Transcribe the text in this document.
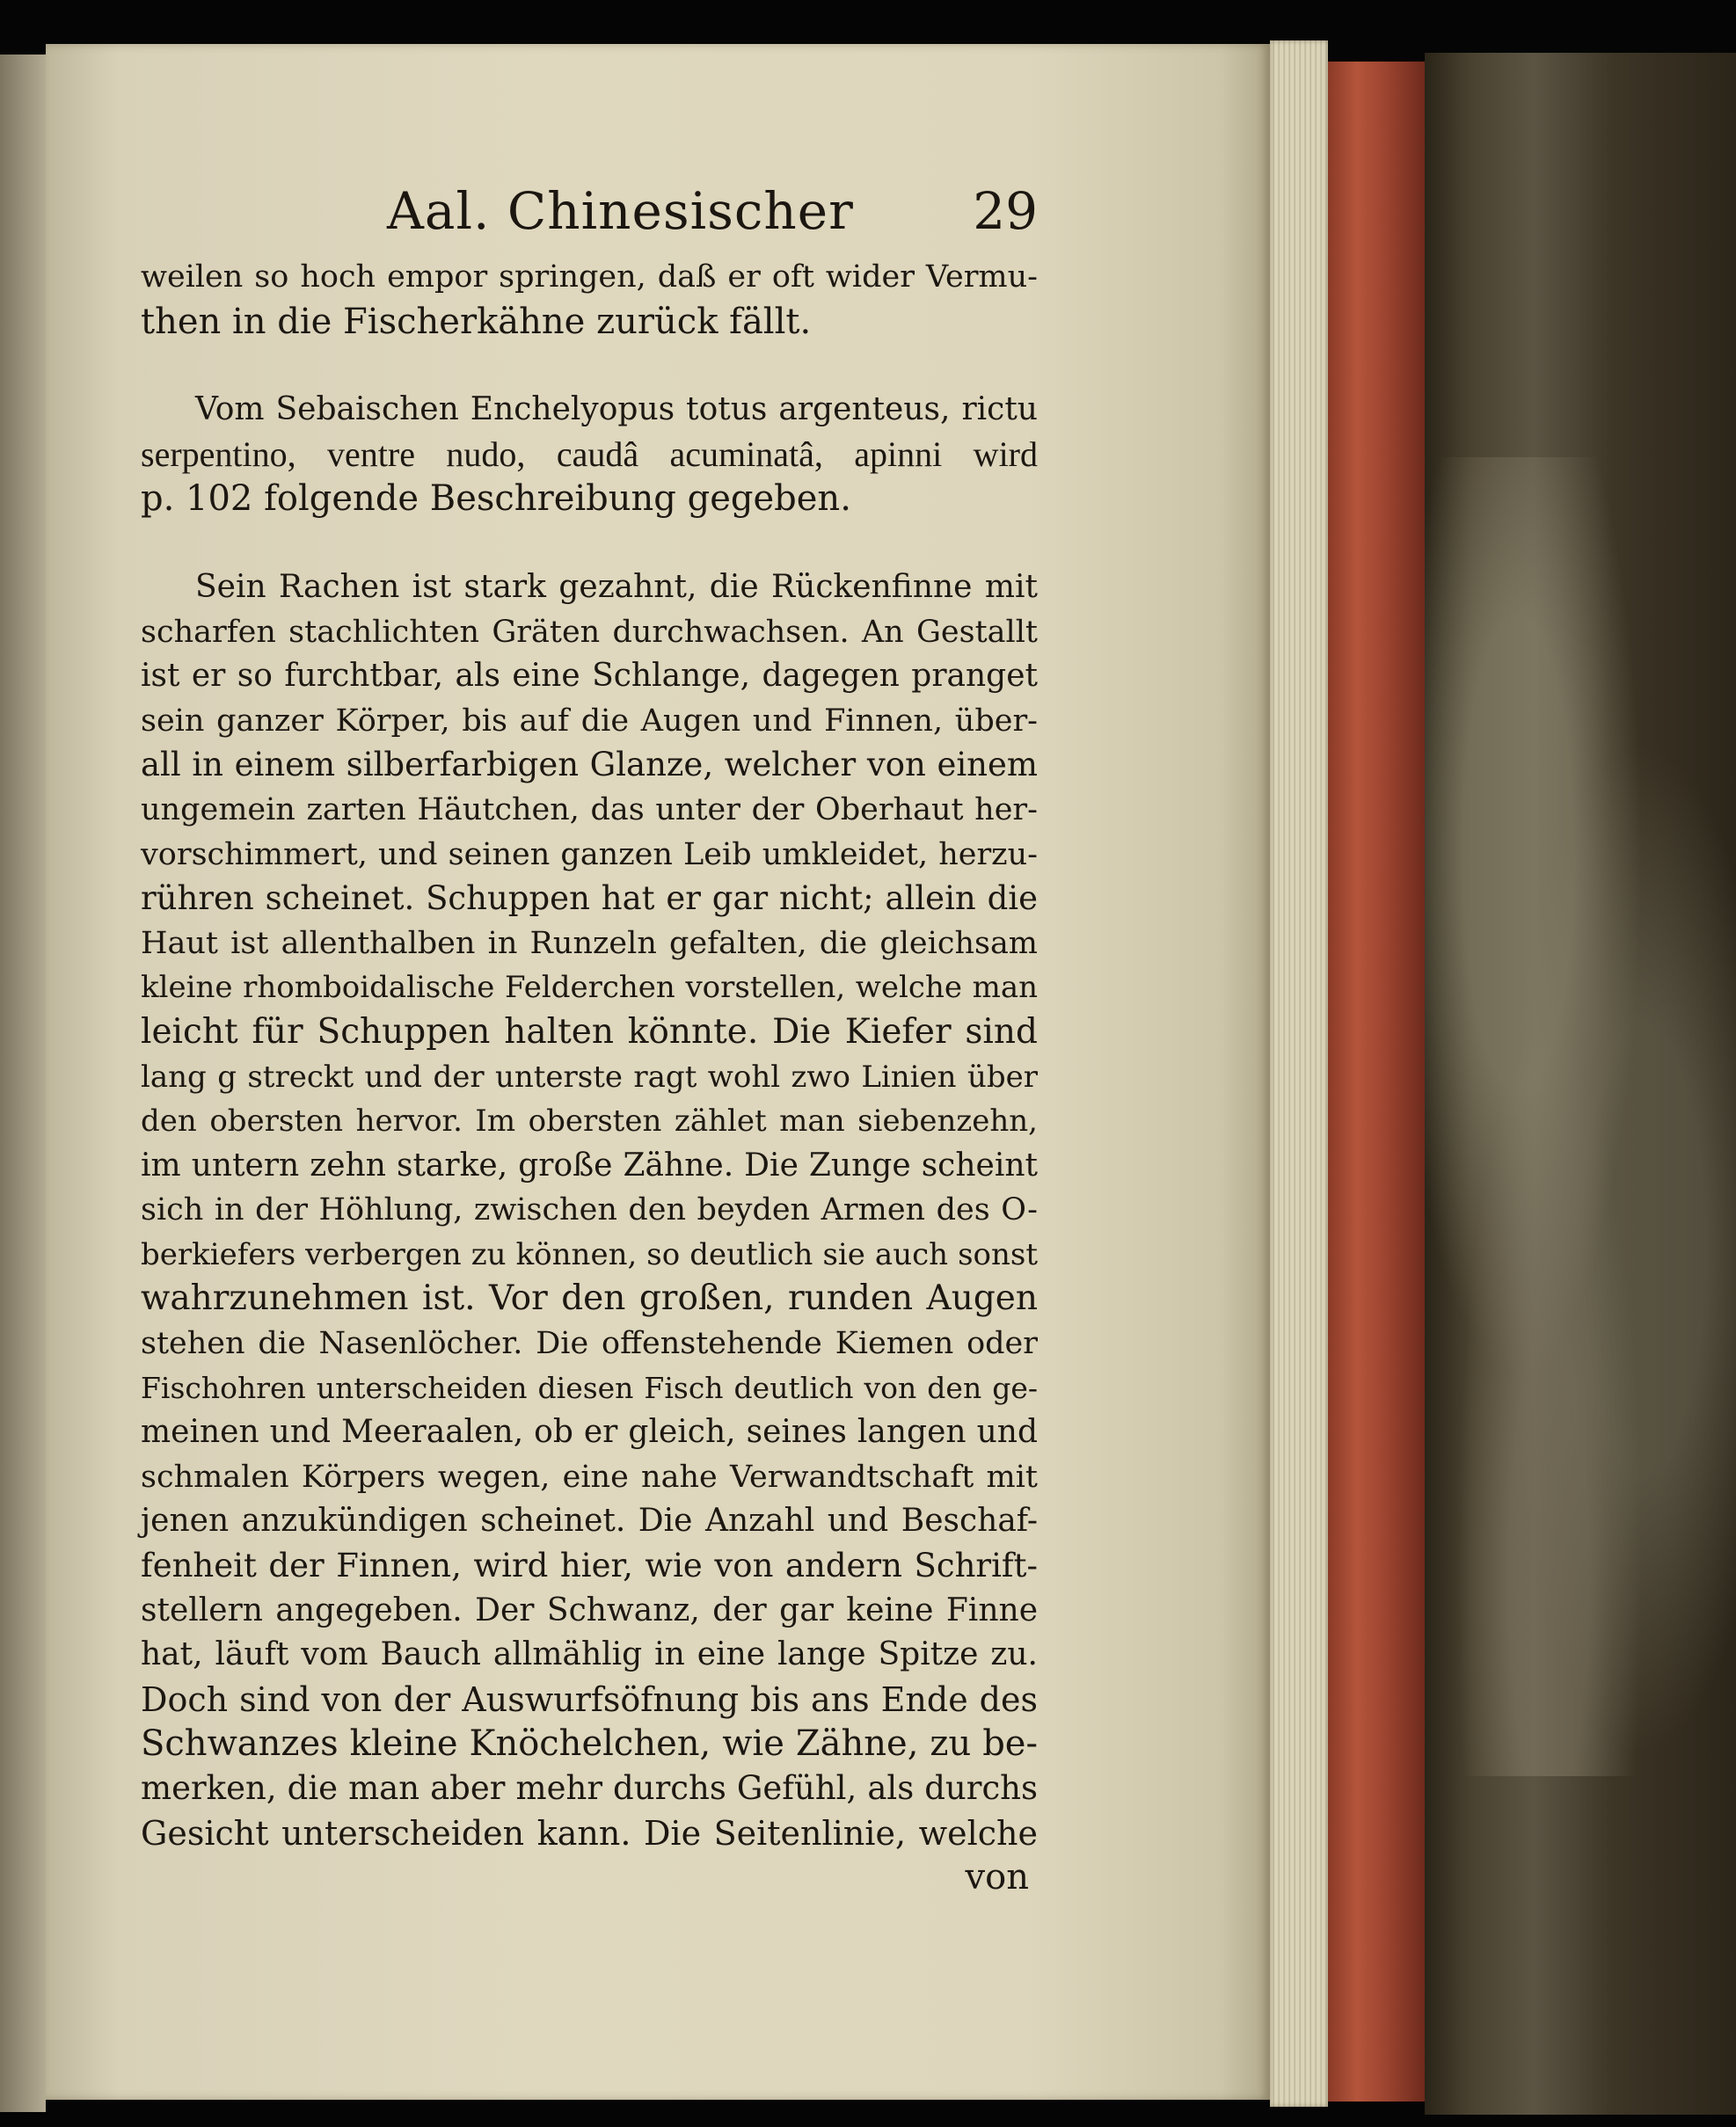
Aal. Chinesischer	29
weilen so hoch empor springen, daß er oft wider Vermu-
then in die Fischerkähne zurück fällt.
Vom Sebaischen Enchelyopus totus argenteus, rictu
serpentino, ventre nudo, caudâ acuminatâ, apinni wird
p. 102 folgende Beschreibung gegeben.
Sein Rachen ist stark gezahnt, die Rückenfinne mit
scharfen stachlichten Gräten durchwachsen. An Gestallt
ist er so furchtbar, als eine Schlange, dagegen pranget
sein ganzer Körper, bis auf die Augen und Finnen, über-
all in einem silberfarbigen Glanze, welcher von einem
ungemein zarten Häutchen, das unter der Oberhaut her-
vorschimmert, und seinen ganzen Leib umkleidet, herzu-
rühren scheinet. Schuppen hat er gar nicht; allein die
Haut ist allenthalben in Runzeln gefalten, die gleichsam
kleine rhomboidalische Felderchen vorstellen, welche man
leicht für Schuppen halten könnte. Die Kiefer sind
lang g streckt und der unterste ragt wohl zwo Linien über
den obersten hervor. Im obersten zählet man siebenzehn,
im untern zehn starke, große Zähne. Die Zunge scheint
sich in der Höhlung, zwischen den beyden Armen des O-
berkiefers verbergen zu können, so deutlich sie auch sonst
wahrzunehmen ist. Vor den großen, runden Augen
stehen die Nasenlöcher. Die offenstehende Kiemen oder
Fischohren unterscheiden diesen Fisch deutlich von den ge-
meinen und Meeraalen, ob er gleich, seines langen und
schmalen Körpers wegen, eine nahe Verwandtschaft mit
jenen anzukündigen scheinet. Die Anzahl und Beschaf-
fenheit der Finnen, wird hier, wie von andern Schrift-
stellern angegeben. Der Schwanz, der gar keine Finne
hat, läuft vom Bauch allmählig in eine lange Spitze zu.
Doch sind von der Auswurfsöfnung bis ans Ende des
Schwanzes kleine Knöchelchen, wie Zähne, zu be-
merken, die man aber mehr durchs Gefühl, als durchs
Gesicht unterscheiden kann. Die Seitenlinie, welche
von
